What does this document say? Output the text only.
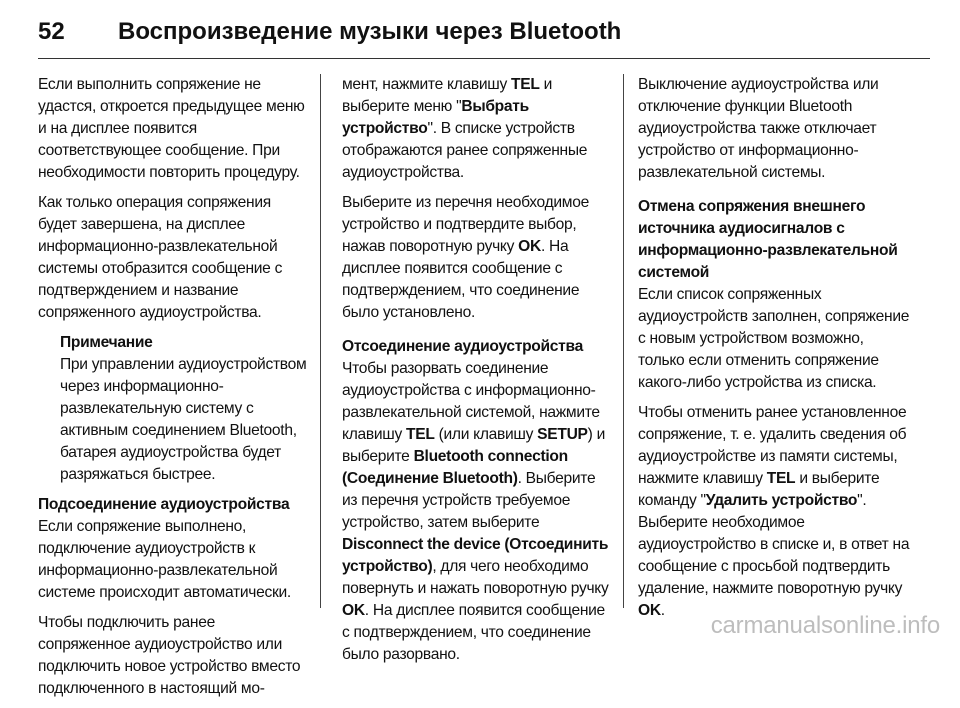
52 Воспроизведение музыки через Bluetooth

Если выполнить сопряжение не удастся, откроется предыдущее меню и на дисплее появится соответствующее сообщение. При необходимости повторить процедуру.

Как только операция сопряжения будет завершена, на дисплее информационно-развлекательной системы отобразится сообщение с подтверждением и название сопряженного аудиоустройства.

Примечание
При управлении аудиоустройством через информационно-развлекательную систему с активным соединением Bluetooth, батарея аудиоустройства будет разряжаться быстрее.
Подсоединение аудиоустройства

Если сопряжение выполнено, подключение аудиоустройств к информационно-развлекательной системе происходит автоматически.

Чтобы подключить ранее сопряженное аудиоустройство или подключить новое устройство вместо подключенного в настоящий мо-

мент, нажмите клавишу TEL и выберите меню "Выбрать устройство". В списке устройств отображаются ранее сопряженные аудиоустройства.

Выберите из перечня необходимое устройство и подтвердите выбор, нажав поворотную ручку OK. На дисплее появится сообщение с подтверждением, что соединение было установлено.

Отсоединение аудиоустройства

Чтобы разорвать соединение аудиоустройства с информационно-развлекательной системой, нажмите клавишу TEL (или клавишу SETUP) и выберите Bluetooth connection (Соединение Bluetooth). Выберите из перечня устройств требуемое устройство, затем выберите Disconnect the device (Отсоединить устройство), для чего необходимо повернуть и нажать поворотную ручку OK. На дисплее появится сообщение с подтверждением, что соединение было разорвано.

Выключение аудиоустройства или отключение функции Bluetooth аудиоустройства также отключает устройство от информационно-развлекательной системы.

Отмена сопряжения внешнего источника аудиосигналов с информационно-развлекательной системой

Если список сопряженных аудиоустройств заполнен, сопряжение с новым устройством возможно, только если отменить сопряжение какого-либо устройства из списка.

Чтобы отменить ранее установленное сопряжение, т. е. удалить сведения об аудиоустройстве из памяти системы, нажмите клавишу TEL и выберите команду "Удалить устройство". Выберите необходимое аудиоустройство в списке и, в ответ на сообщение с просьбой подтвердить удаление, нажмите поворотную ручку OK.

carmanualsonline.info
